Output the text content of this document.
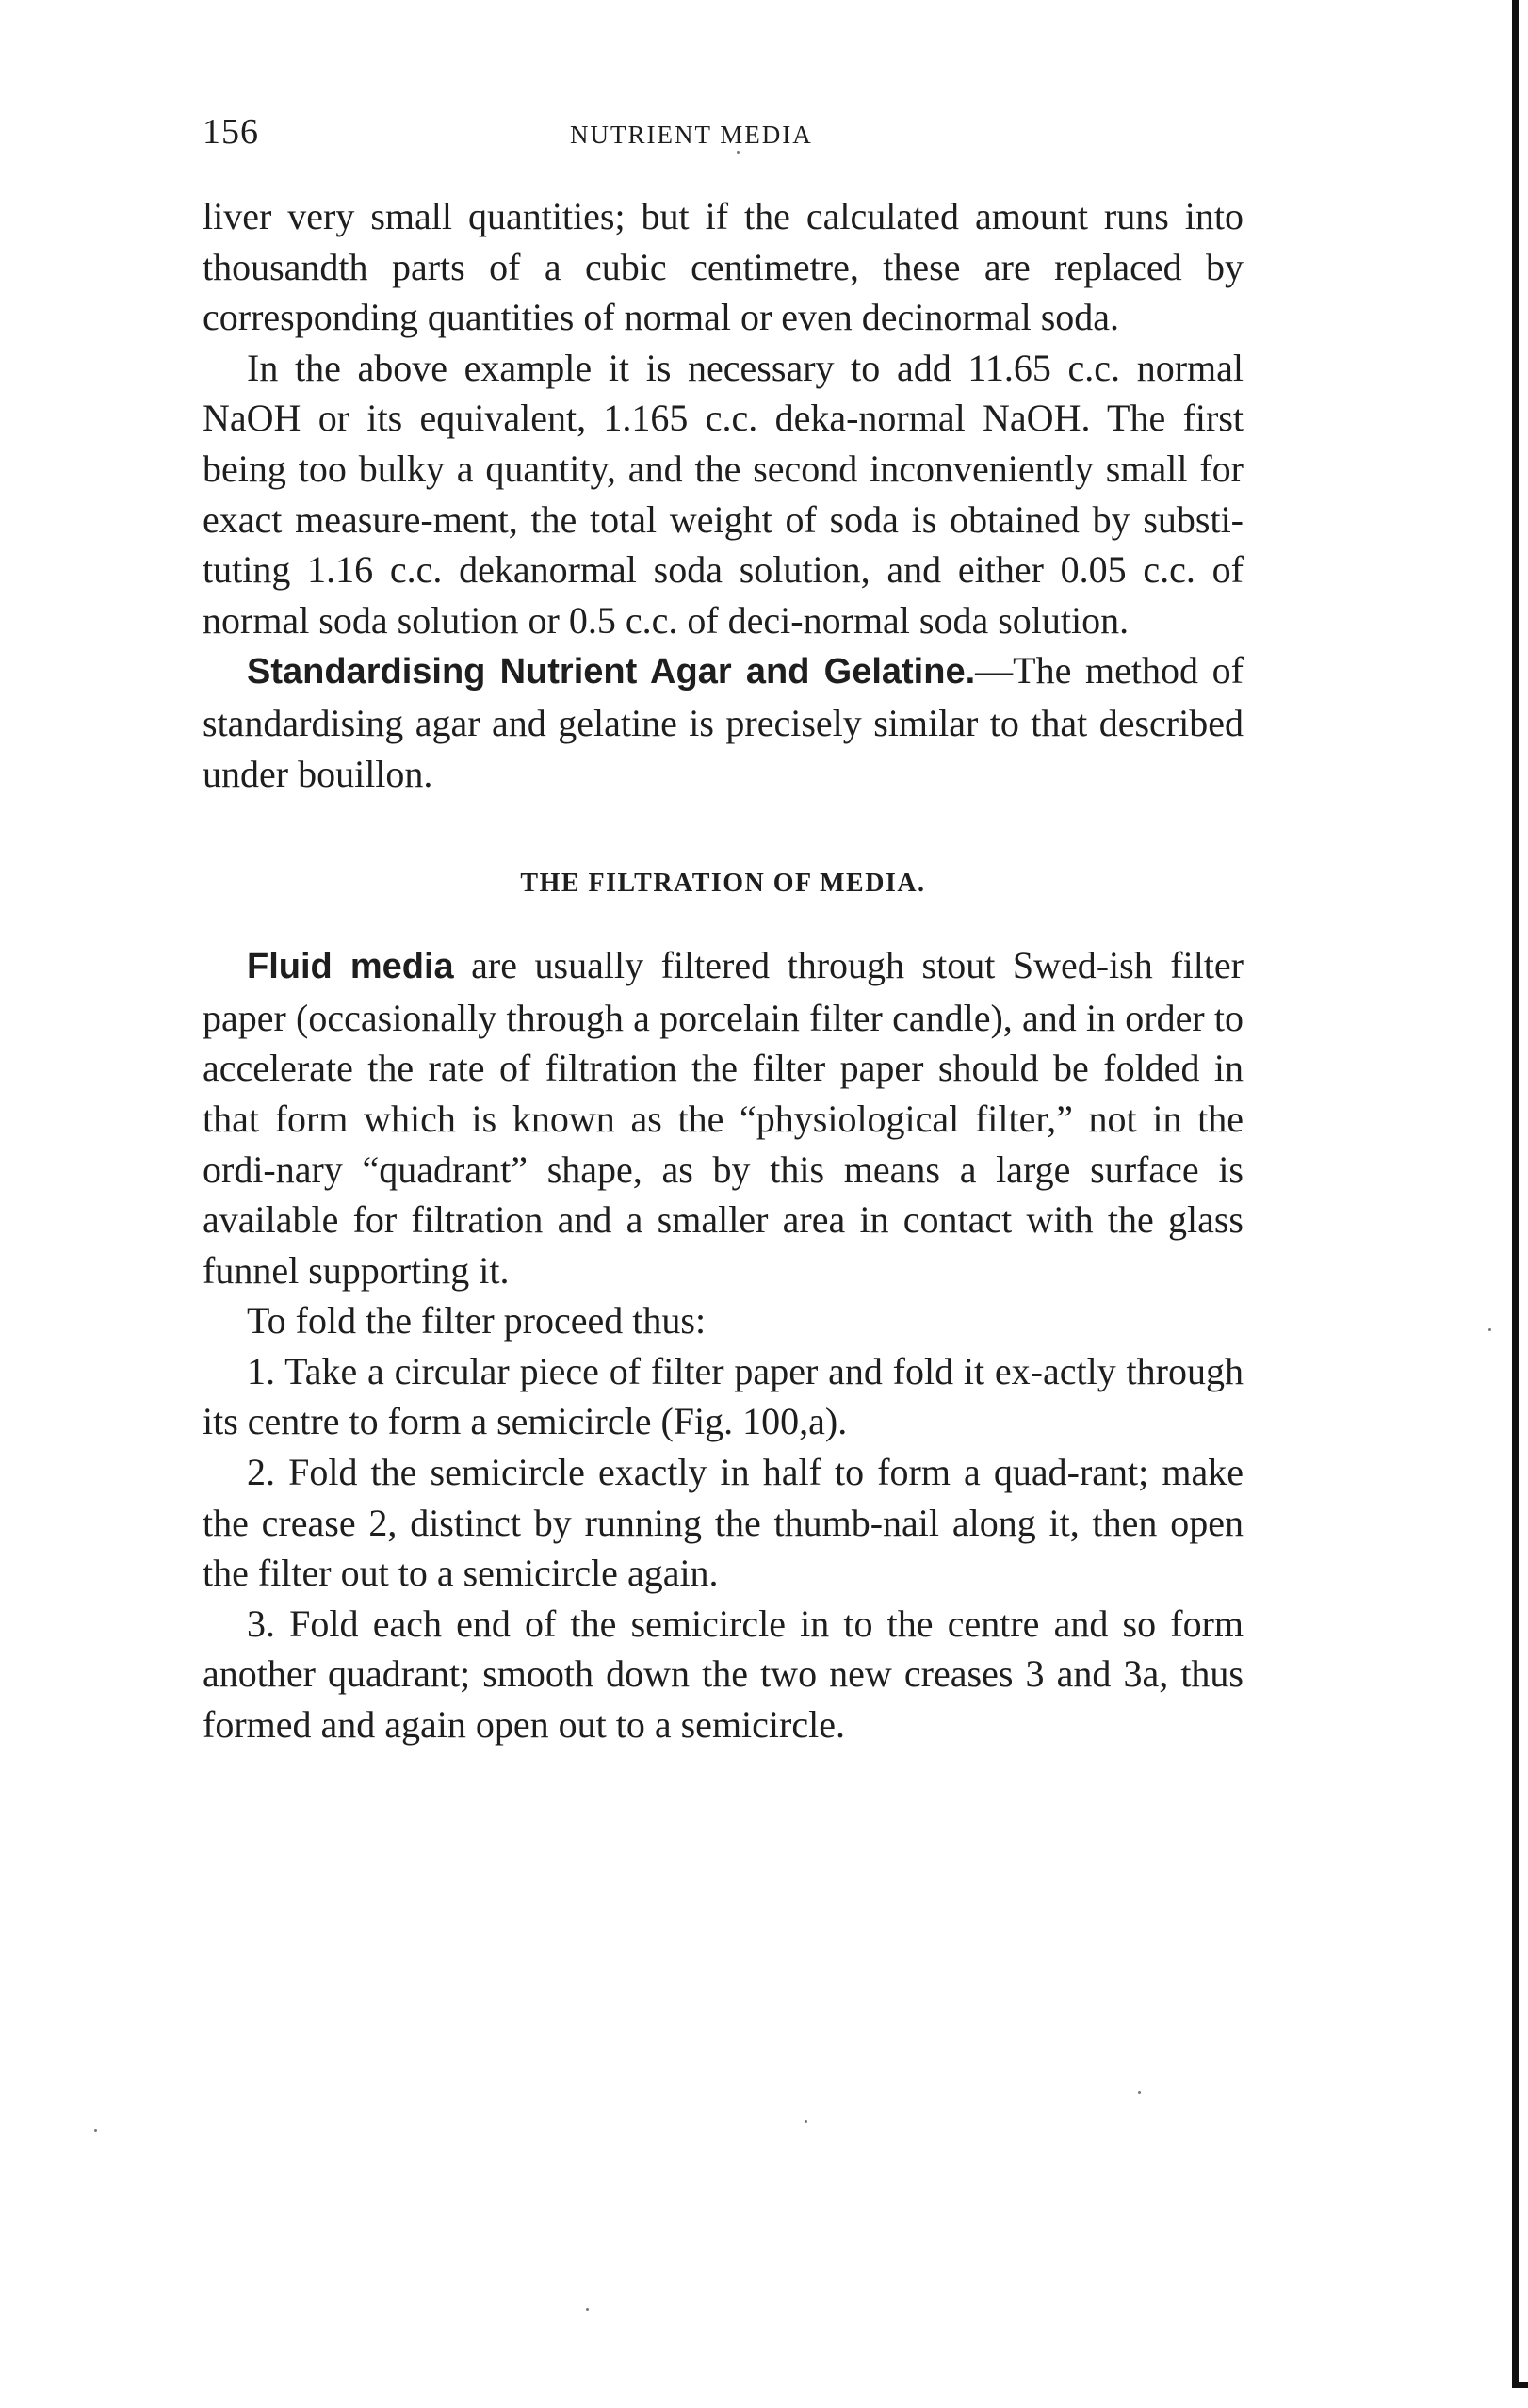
156	NUTRIENT MEDIA

liver very small quantities; but if the calculated amount runs into thousandth parts of a cubic centimetre, these are replaced by corresponding quantities of normal or even decinormal soda.

In the above example it is necessary to add 11.65 c.c. normal NaOH or its equivalent, 1.165 c.c. deka-normal NaOH. The first being too bulky a quantity, and the second inconveniently small for exact measure-ment, the total weight of soda is obtained by substi-tuting 1.16 c.c. dekanormal soda solution, and either 0.05 c.c. of normal soda solution or 0.5 c.c. of deci-normal soda solution.

Standardising Nutrient Agar and Gelatine.—The method of standardising agar and gelatine is precisely similar to that described under bouillon.

THE FILTRATION OF MEDIA.

Fluid media are usually filtered through stout Swed-ish filter paper (occasionally through a porcelain filter candle), and in order to accelerate the rate of filtration the filter paper should be folded in that form which is known as the “physiological filter,” not in the ordi-nary “quadrant” shape, as by this means a large surface is available for filtration and a smaller area in contact with the glass funnel supporting it.

To fold the filter proceed thus:

1. Take a circular piece of filter paper and fold it ex-actly through its centre to form a semicircle (Fig. 100,a).

2. Fold the semicircle exactly in half to form a quad-rant; make the crease 2, distinct by running the thumb-nail along it, then open the filter out to a semicircle again.

3. Fold each end of the semicircle in to the centre and so form another quadrant; smooth down the two new creases 3 and 3a, thus formed and again open out to a semicircle.
